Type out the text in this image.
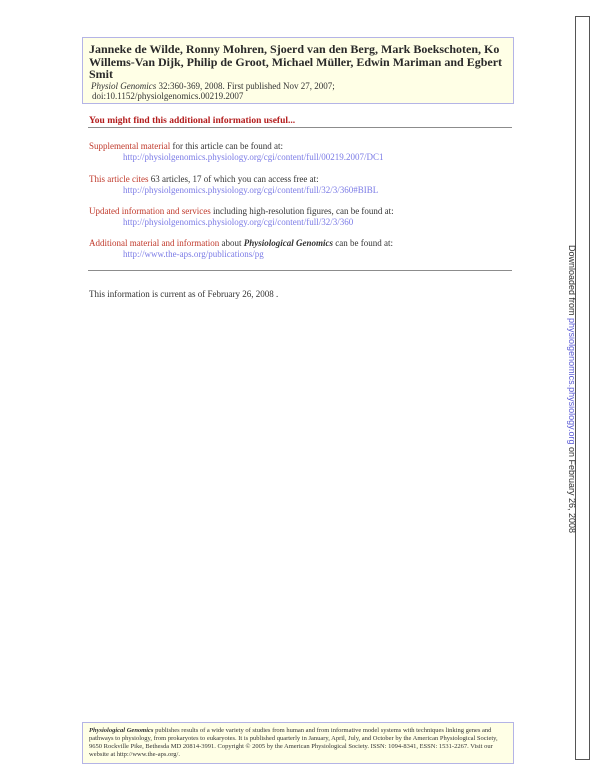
Janneke de Wilde, Ronny Mohren, Sjoerd van den Berg, Mark Boekschoten, Ko

Willems-Van Dijk, Philip de Groot, Michael Müller, Edwin Mariman and Egbert

Smit

Physiol Genomics 32:360-369, 2008. First published Nov 27, 2007;

doi:10.1152/physiolgenomics.00219.2007

You might find this additional information useful...
Supplemental material for this article can be found at:
http://physiolgenomics.physiology.org/cgi/content/full/00219.2007/DC1
This article cites 63 articles, 17 of which you can access free at:
http://physiolgenomics.physiology.org/cgi/content/full/32/3/360#BIBL
Updated information and services including high-resolution figures, can be found at:
http://physiolgenomics.physiology.org/cgi/content/full/32/3/360
Additional material and information about Physiological Genomics can be found at:
http://www.the-aps.org/publications/pg
This information is current as of February 26, 2008 .	Downloaded from physiolgenomics.physiology.org on February 26, 2008
Physiological Genomics publishes results of a wide variety of studies from human and from informative model systems with techniques linking genes and pathways to physiology, from prokaryotes to eukaryotes. It is published quarterly in January, April, July, and October by the American Physiological Society, 9650 Rockville Pike, Bethesda MD 20814-3991. Copyright © 2005 by the American Physiological Society. ISSN: 1094-8341, ESSN: 1531-2267. Visit our website at http://www.the-aps.org/.
